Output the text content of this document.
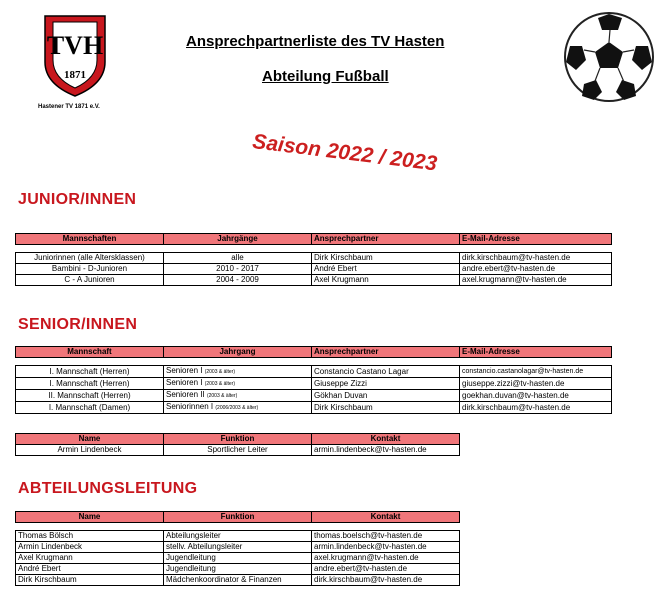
TVH
1871
Hastener TV 1871 e.V.
Ansprechpartnerliste des TV Hasten
Abteilung Fußball
Saison 2022 / 2023
JUNIOR/INNEN
Mannschaften	Jahrgänge	Ansprechpartner	E-Mail-Adresse

Juniorinnen (alle Altersklassen)	alle	Dirk Kirschbaum	dirk.kirschbaum@tv-hasten.de
Bambini - D-Junioren	2010 - 2017	André Ebert	andre.ebert@tv-hasten.de
C - A Junioren	2004 - 2009	Axel Krugmann	axel.krugmann@tv-hasten.de
SENIOR/INNEN
Mannschaft	Jahrgang	Ansprechpartner	E-Mail-Adresse

I. Mannschaft (Herren)	Senioren I (2003 & älter)	Constancio Castano Lagar	constancio.castanolagar@tv-hasten.de
I. Mannschaft (Herren)	Senioren I (2003 & älter)	Giuseppe Zizzi	giuseppe.zizzi@tv-hasten.de
II. Mannschaft (Herren)	Senioren II (2003 & älter)	Gökhan Duvan	goekhan.duvan@tv-hasten.de
I. Mannschaft (Damen)	Seniorinnen I (2006/2003 & älter)	Dirk Kirschbaum	dirk.kirschbaum@tv-hasten.de
Name	Funktion	Kontakt
Armin Lindenbeck	Sportlicher Leiter	armin.lindenbeck@tv-hasten.de
ABTEILUNGSLEITUNG
Name	Funktion	Kontakt

Thomas Bölsch	Abteilungsleiter	thomas.boelsch@tv-hasten.de
Armin Lindenbeck	stellv. Abteilungsleiter	armin.lindenbeck@tv-hasten.de
Axel Krugmann	Jugendleitung	axel.krugmann@tv-hasten.de
André Ebert	Jugendleitung	andre.ebert@tv-hasten.de
Dirk Kirschbaum	Mädchenkoordinator & Finanzen	dirk.kirschbaum@tv-hasten.de
